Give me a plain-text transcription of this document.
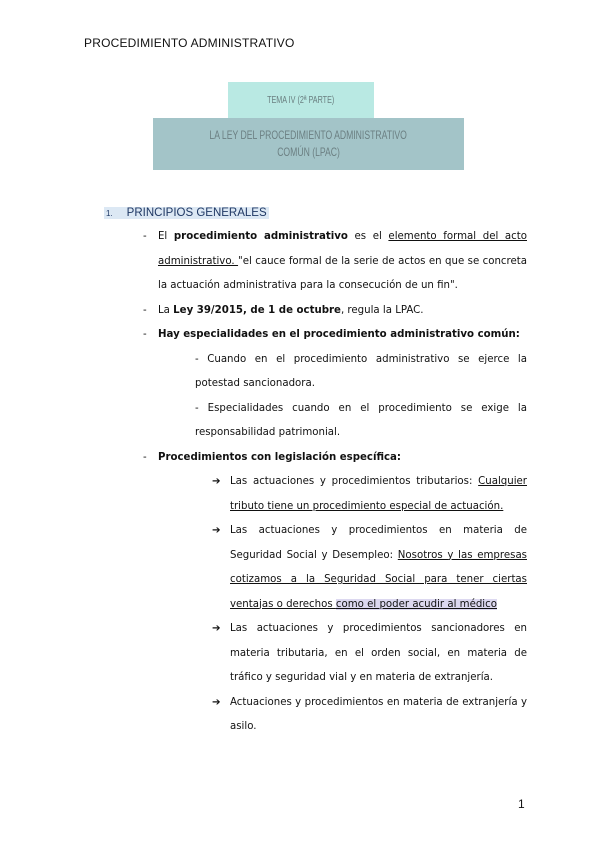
PROCEDIMIENTO ADMINISTRATIVO
TEMA IV (2ª PARTE)
LA LEY DEL PROCEDIMIENTO ADMINISTRATIVO
COMÚN (LPAC)
1. PRINCIPIOS GENERALES
- El procedimiento administrativo es el elemento formal del acto administrativo. "el cauce formal de la serie de actos en que se concreta la actuación administrativa para la consecución de un fin".
- La Ley 39/2015, de 1 de octubre, regula la LPAC.
- Hay especialidades en el procedimiento administrativo común:
- Cuando en el procedimiento administrativo se ejerce la potestad sancionadora.
- Especialidades cuando en el procedimiento se exige la responsabilidad patrimonial.
- Procedimientos con legislación específica:
➔ Las actuaciones y procedimientos tributarios: Cualquier tributo tiene un procedimiento especial de actuación.
➔ Las actuaciones y procedimientos en materia de Seguridad Social y Desempleo: Nosotros y las empresas cotizamos a la Seguridad Social para tener ciertas ventajas o derechos como el poder acudir al médico
➔ Las actuaciones y procedimientos sancionadores en materia tributaria, en el orden social, en materia de tráfico y seguridad vial y en materia de extranjería.
➔ Actuaciones y procedimientos en materia de extranjería y asilo.
1
